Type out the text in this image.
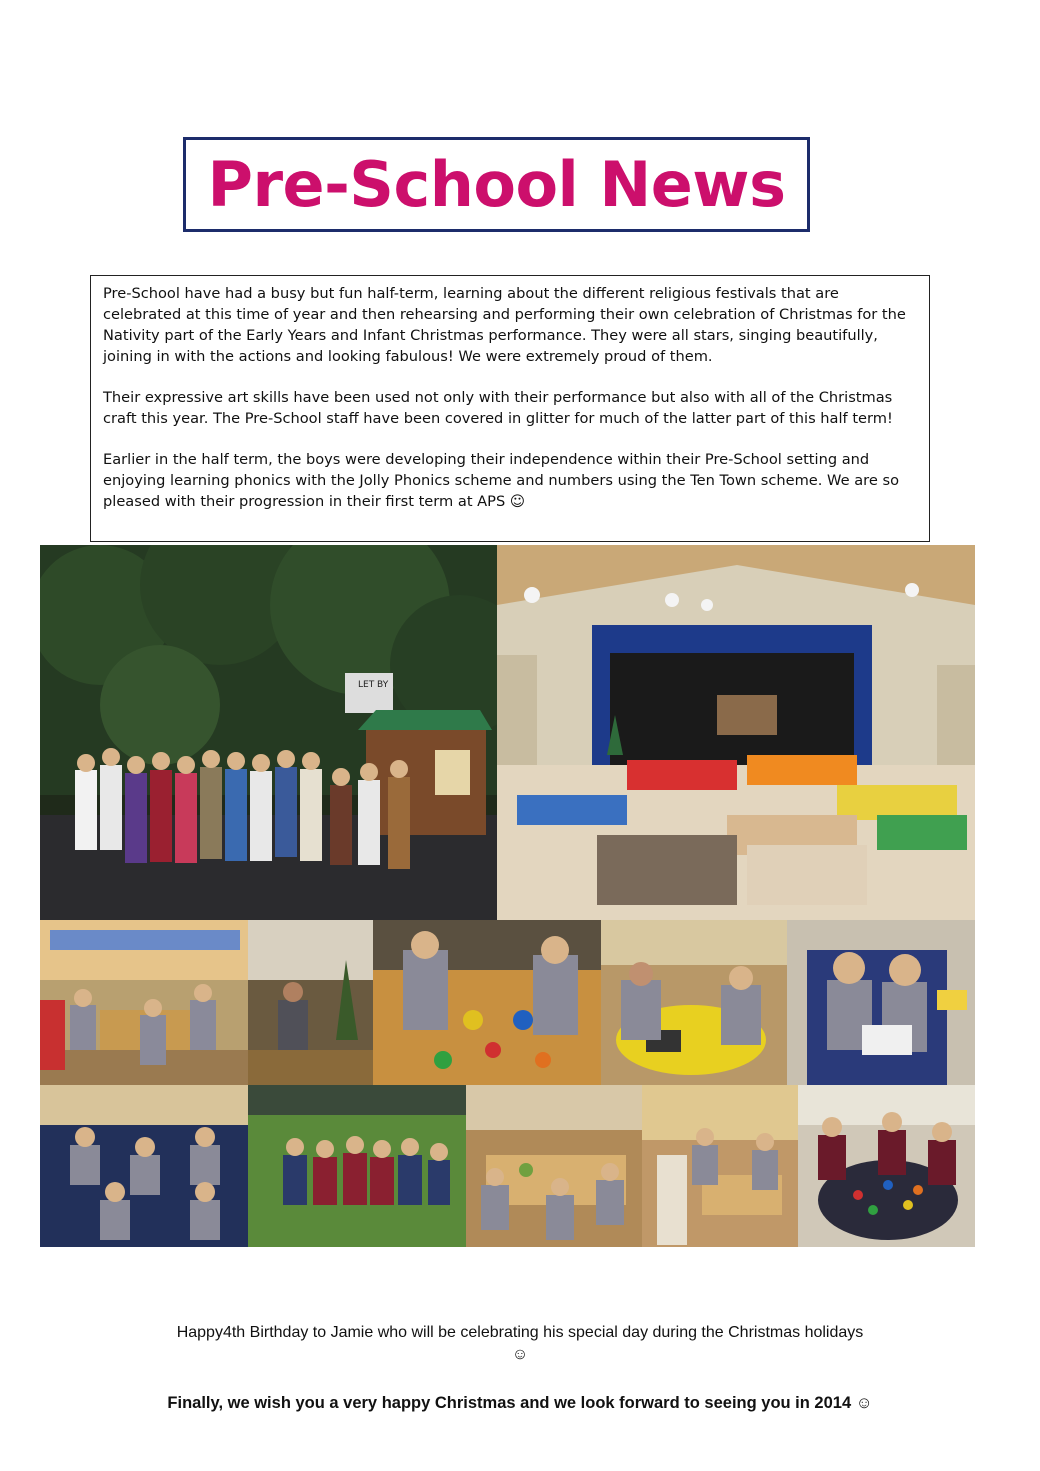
Pre-School News

Pre-School have had a busy but fun half-term, learning about the different religious festivals that are celebrated at this time of year and then rehearsing and performing their own celebration of Christmas for the Nativity part of the Early Years and Infant Christmas performance. They were all stars, singing beautifully, joining in with the actions and looking fabulous! We were extremely proud of them.

Their expressive art skills have been used not only with their performance but also with all of the Christmas craft this year. The Pre-School staff have been covered in glitter for much of the latter part of this half term!

Earlier in the half term, the boys were developing their independence within their Pre-School setting and enjoying learning phonics with the Jolly Phonics scheme and numbers using the Ten Town scheme. We are so pleased with their progression in their first term at APS ☺

LET BY
Happy4th Birthday to Jamie who will be celebrating his special day during the Christmas holidays
☺
Finally, we wish you a very happy Christmas and we look forward to seeing you in 2014 ☺
